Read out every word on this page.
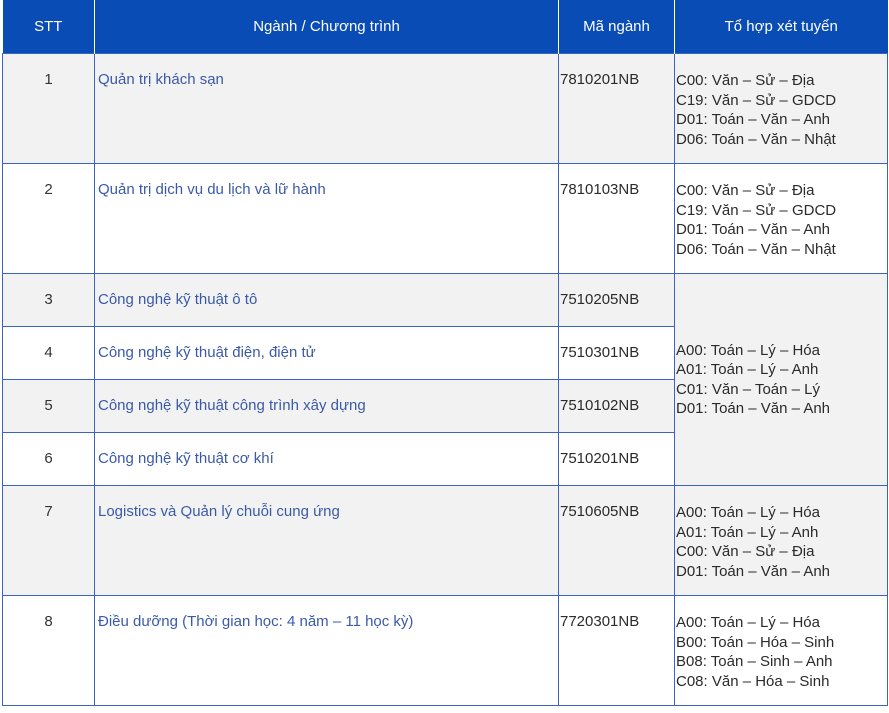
STT	Ngành / Chương trình	Mã ngành	Tổ hợp xét tuyển
1	Quản trị khách sạn	7810201NB	C00: Văn – Sử – Địa
C19: Văn – Sử – GDCD
D01: Toán – Văn – Anh
D06: Toán – Văn – Nhật

2	Quản trị dịch vụ du lịch và lữ hành	7810103NB	C00: Văn – Sử – Địa
C19: Văn – Sử – GDCD
D01: Toán – Văn – Anh
D06: Toán – Văn – Nhật

3	Công nghệ kỹ thuật ô tô	7510205NB	A00: Toán – Lý – Hóa
A01: Toán – Lý – Anh
C01: Văn – Toán – Lý
D01: Toán – Văn – Anh

4	Công nghệ kỹ thuật điện, điện tử	7510301NB	
5	Công nghệ kỹ thuật công trình xây dựng	7510102NB	
6	Công nghệ kỹ thuật cơ khí	7510201NB	
7	Logistics và Quản lý chuỗi cung ứng	7510605NB	A00: Toán – Lý – Hóa
A01: Toán – Lý – Anh
C00: Văn – Sử – Địa
D01: Toán – Văn – Anh

8	Điều dưỡng (Thời gian học: 4 năm – 11 học kỳ)	7720301NB	A00: Toán – Lý – Hóa
B00: Toán – Hóa – Sinh
B08: Toán – Sinh – Anh
C08: Văn – Hóa – Sinh
